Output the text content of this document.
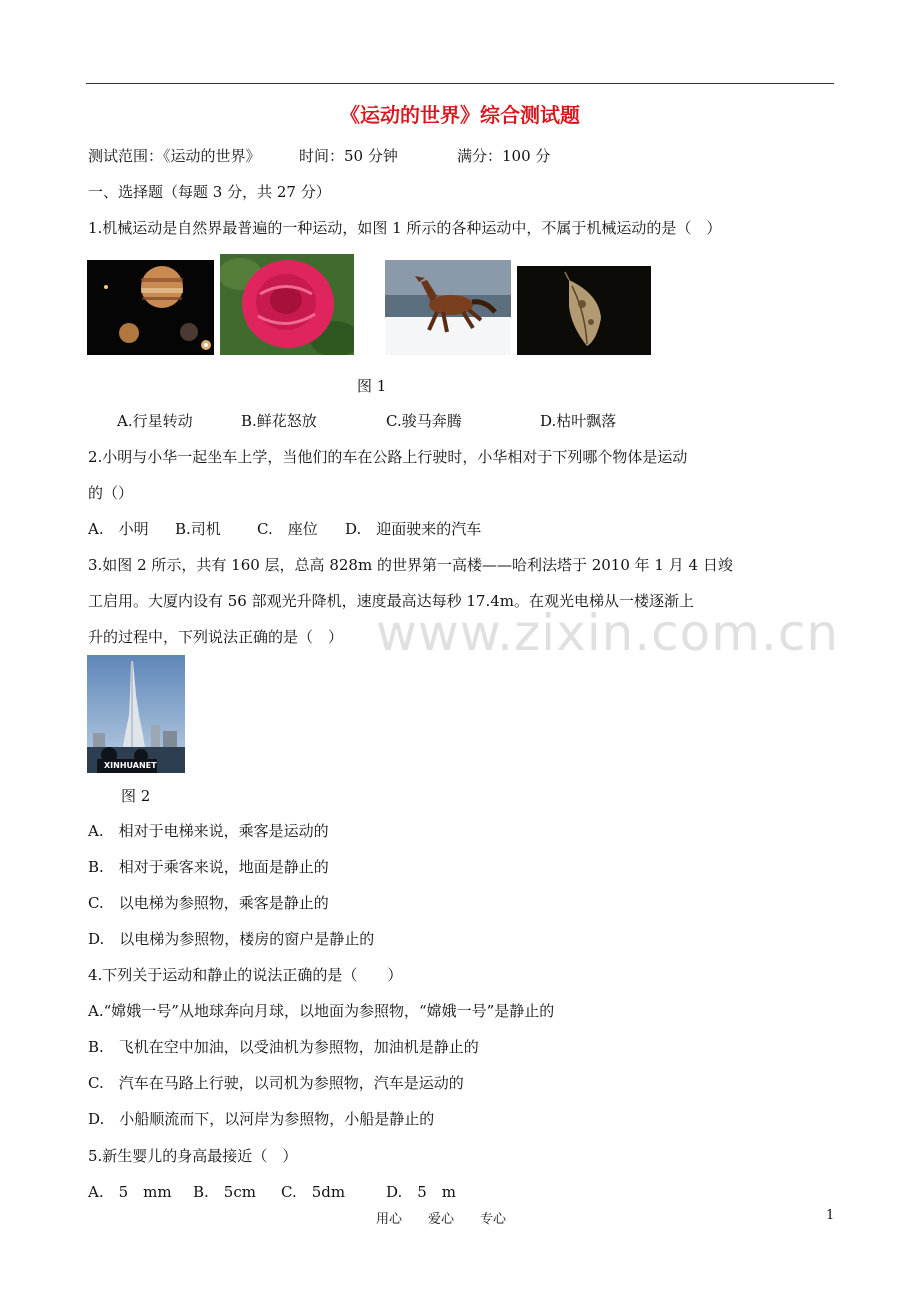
《运动的世界》综合测试题
测试范围：《运动的世界》	时间：50 分钟	满分：100 分
一、选择题（每题 3 分，共 27 分）
1.机械运动是自然界最普遍的一种运动，如图 1 所示的各种运动中，不属于机械运动的是（　）
图 1
A.行星转动	B.鲜花怒放	C.骏马奔腾	D.枯叶飘落
2.小明与小华一起坐车上学，当他们的车在公路上行驶时，小华相对于下列哪个物体是运动
的（）
A.　小明 B.司机 C.　座位 D.　迎面驶来的汽车
3.如图 2 所示，共有 160 层，总高 828m 的世界第一高楼——哈利法塔于 2010 年 1 月 4 日竣
工启用。大厦内设有 56 部观光升降机，速度最高达每秒 17.4m。在观光电梯从一楼逐渐上
升的过程中，下列说法正确的是（　） www.zixin.com.cn
XINHUANET
图 2
A.　相对于电梯来说，乘客是运动的
B.　相对于乘客来说，地面是静止的
C.　以电梯为参照物，乘客是静止的
D.　以电梯为参照物，楼房的窗户是静止的
4.下列关于运动和静止的说法正确的是（　　）
A.“嫦娥一号”从地球奔向月球，以地面为参照物，“嫦娥一号”是静止的
B.　飞机在空中加油，以受油机为参照物，加油机是静止的
C.　汽车在马路上行驶，以司机为参照物，汽车是运动的
D.　小船顺流而下，以河岸为参照物，小船是静止的
5.新生婴儿的身高最接近（　）
A.　5　mm B.　5cm C.　5dm	D.　5　m
用心　　爱心　　专心	1
